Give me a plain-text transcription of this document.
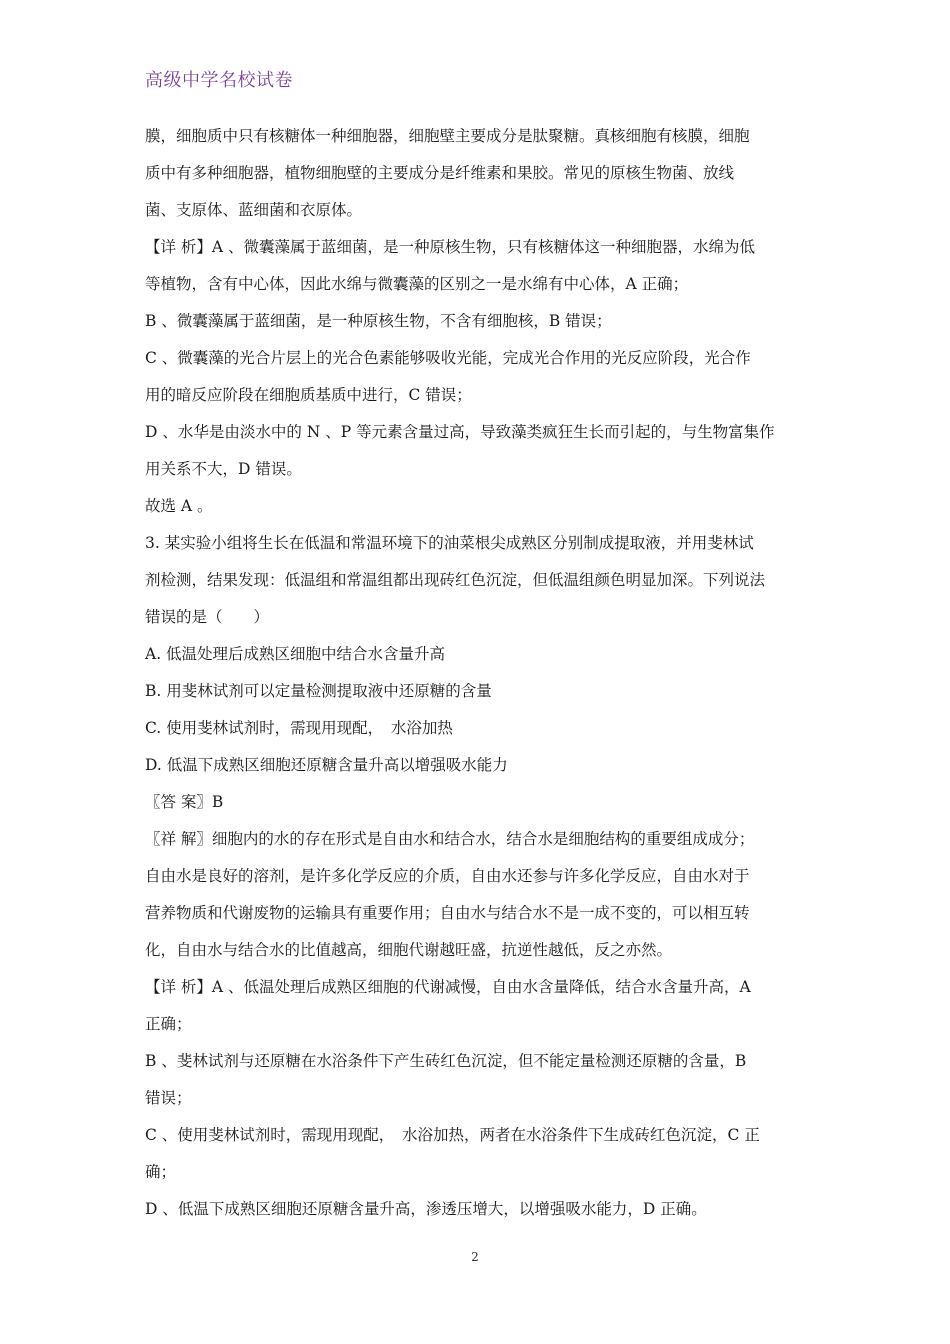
高级中学名校试卷
膜，细胞质中只有核糖体一种细胞器，细胞壁主要成分是肽聚糖。真核细胞有核膜，细胞
质中有多种细胞器，植物细胞壁的主要成分是纤维素和果胶。常见的原核生物菌、放线
菌、支原体、蓝细菌和衣原体。
【详 析】A 、微囊藻属于蓝细菌，是一种原核生物，只有核糖体这一种细胞器，水绵为低
等植物，含有中心体，因此水绵与微囊藻的区别之一是水绵有中心体，A 正确；
B 、微囊藻属于蓝细菌，是一种原核生物，不含有细胞核，B 错误；
C 、微囊藻的光合片层上的光合色素能够吸收光能，完成光合作用的光反应阶段，光合作
用的暗反应阶段在细胞质基质中进行，C 错误；
D 、水华是由淡水中的 N 、P 等元素含量过高，导致藻类疯狂生长而引起的，与生物富集作
用关系不大，D 错误。
故选 A 。
3. 某实验小组将生长在低温和常温环境下的油菜根尖成熟区分别制成提取液，并用斐林试
剂检测，结果发现：低温组和常温组都出现砖红色沉淀，但低温组颜色明显加深。下列说法
错误的是（　　）
A. 低温处理后成熟区细胞中结合水含量升高
B. 用斐林试剂可以定量检测提取液中还原糖的含量
C. 使用斐林试剂时，需现用现配，　水浴加热
D. 低温下成熟区细胞还原糖含量升高以增强吸水能力
〖答 案〗B
〖祥 解〗细胞内的水的存在形式是自由水和结合水，结合水是细胞结构的重要组成成分；
自由水是良好的溶剂，是许多化学反应的介质，自由水还参与许多化学反应，自由水对于
营养物质和代谢废物的运输具有重要作用；自由水与结合水不是一成不变的，可以相互转
化，自由水与结合水的比值越高，细胞代谢越旺盛，抗逆性越低，反之亦然。
【详 析】A 、低温处理后成熟区细胞的代谢减慢，自由水含量降低，结合水含量升高，A
正确；
B 、斐林试剂与还原糖在水浴条件下产生砖红色沉淀，但不能定量检测还原糖的含量，B
错误；
C 、使用斐林试剂时，需现用现配，　水浴加热，两者在水浴条件下生成砖红色沉淀，C 正
确；
D 、低温下成熟区细胞还原糖含量升高，渗透压增大，以增强吸水能力，D 正确。
2
